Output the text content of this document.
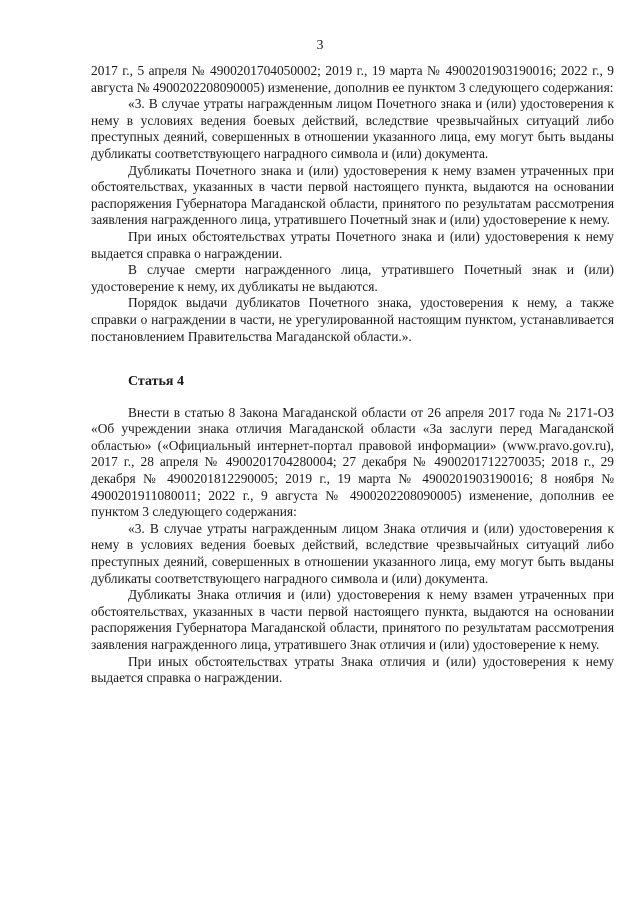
3

2017 г., 5 апреля № 4900201704050002; 2019 г., 19 марта № 4900201903190016; 2022 г., 9 августа № 4900202208090005) изменение, дополнив ее пунктом 3 следующего содержания:

«3. В случае утраты награжденным лицом Почетного знака и (или) удостоверения к нему в условиях ведения боевых действий, вследствие чрезвычайных ситуаций либо преступных деяний, совершенных в отношении указанного лица, ему могут быть выданы дубликаты соответствующего наградного символа и (или) документа.

Дубликаты Почетного знака и (или) удостоверения к нему взамен утраченных при обстоятельствах, указанных в части первой настоящего пункта, выдаются на основании распоряжения Губернатора Магаданской области, принятого по результатам рассмотрения заявления награжденного лица, утратившего Почетный знак и (или) удостоверение к нему.

При иных обстоятельствах утраты Почетного знака и (или) удостоверения к нему выдается справка о награждении.

В случае смерти награжденного лица, утратившего Почетный знак и (или) удостоверение к нему, их дубликаты не выдаются.

Порядок выдачи дубликатов Почетного знака, удостоверения к нему, а также справки о награждении в части, не урегулированной настоящим пунктом, устанавливается постановлением Правительства Магаданской области.».

Статья 4

Внести в статью 8 Закона Магаданской области от 26 апреля 2017 года № 2171-ОЗ «Об учреждении знака отличия Магаданской области «За заслуги перед Магаданской областью» («Официальный интернет-портал правовой информации» (www.pravo.gov.ru), 2017 г., 28 апреля № 4900201704280004; 27 декабря № 4900201712270035; 2018 г., 29 декабря № 4900201812290005; 2019 г., 19 марта № 4900201903190016; 8 ноября № 4900201911080011; 2022 г., 9 августа № 4900202208090005) изменение, дополнив ее пунктом 3 следующего содержания:

«3. В случае утраты награжденным лицом Знака отличия и (или) удостоверения к нему в условиях ведения боевых действий, вследствие чрезвычайных ситуаций либо преступных деяний, совершенных в отношении указанного лица, ему могут быть выданы дубликаты соответствующего наградного символа и (или) документа.

Дубликаты Знака отличия и (или) удостоверения к нему взамен утраченных при обстоятельствах, указанных в части первой настоящего пункта, выдаются на основании распоряжения Губернатора Магаданской области, принятого по результатам рассмотрения заявления награжденного лица, утратившего Знак отличия и (или) удостоверение к нему.

При иных обстоятельствах утраты Знака отличия и (или) удостоверения к нему выдается справка о награждении.
